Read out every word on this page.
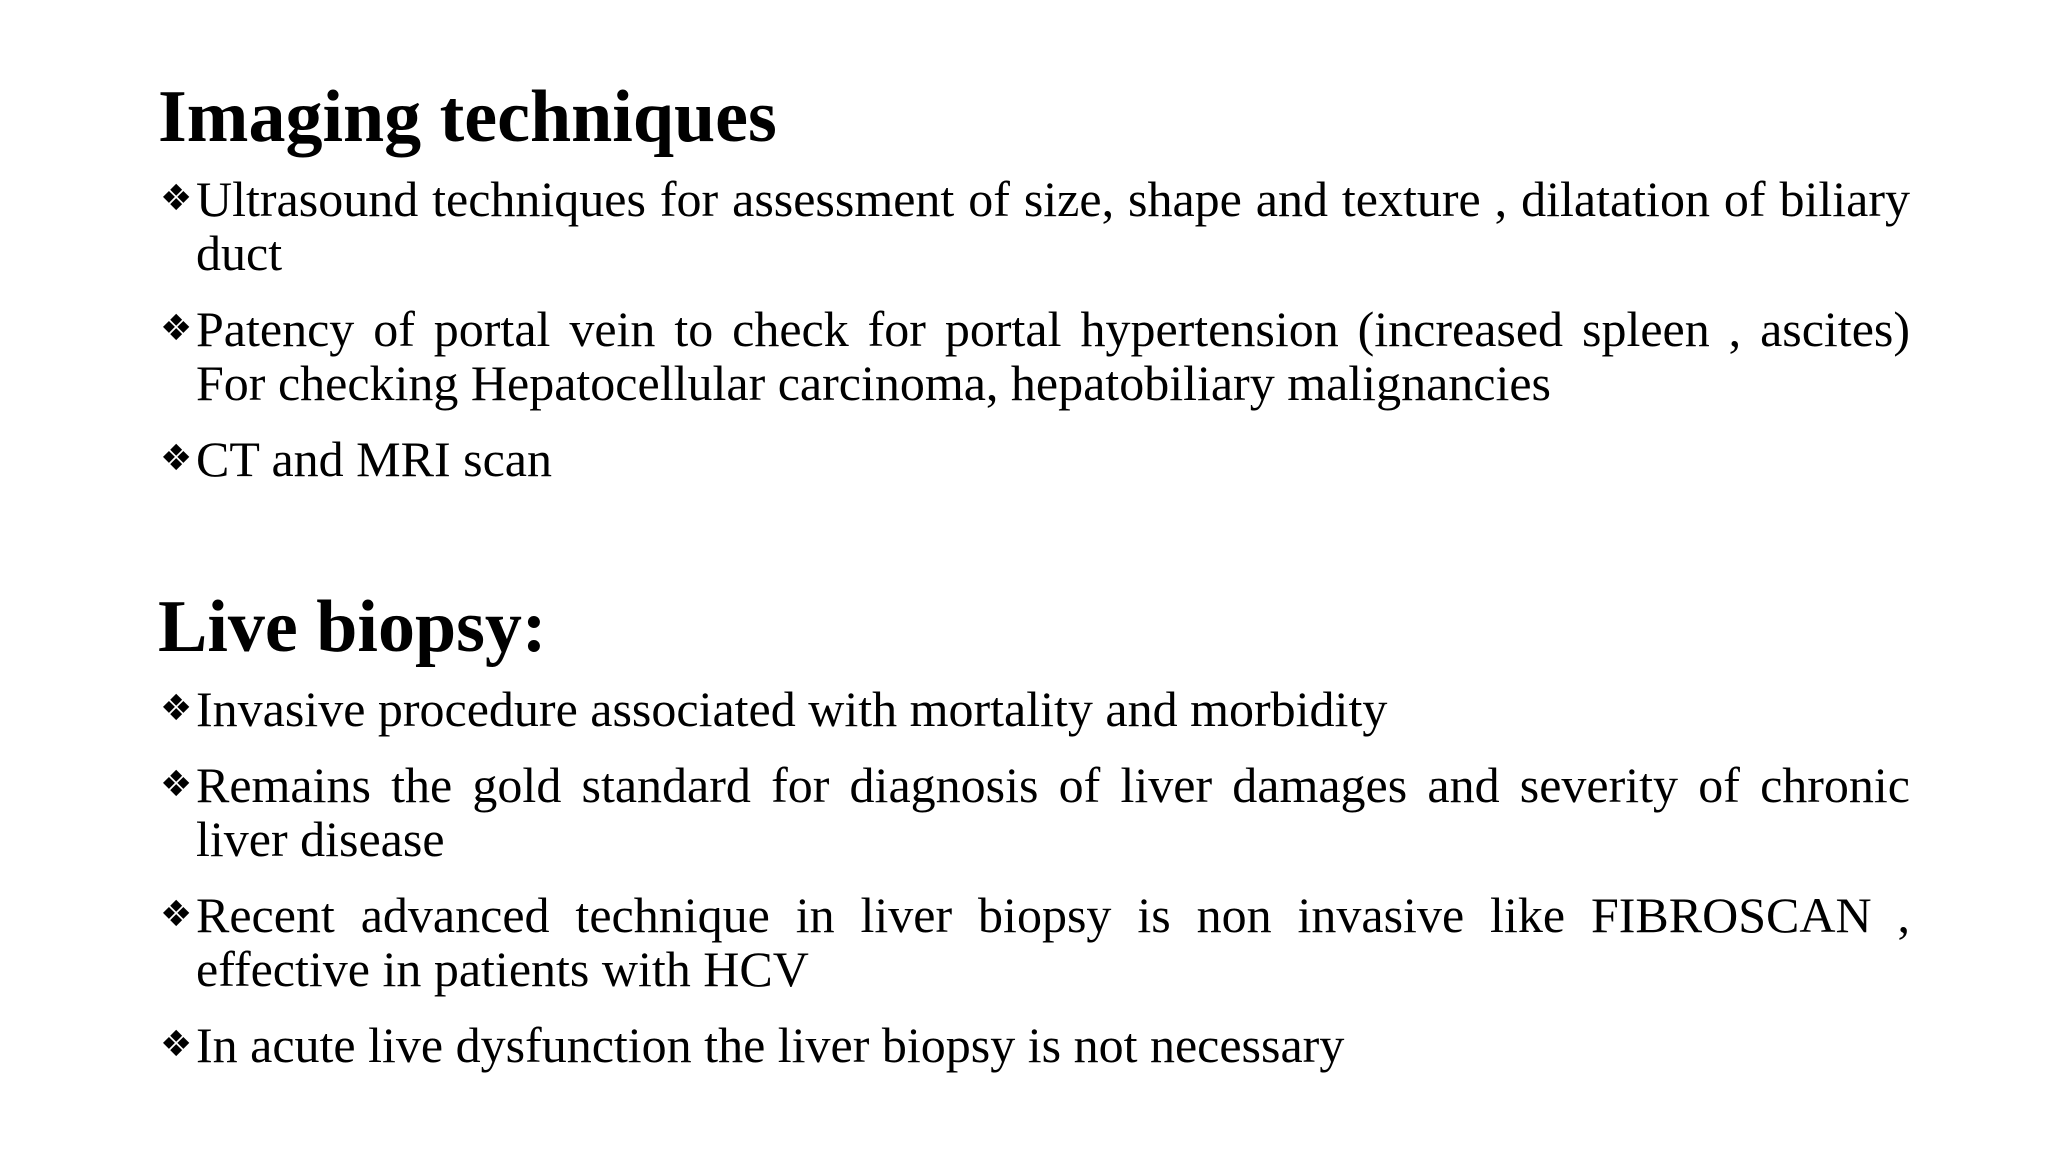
Imaging techniques
❖ Ultrasound techniques for assessment of size, shape and texture , dilatation of biliary duct
❖ Patency of portal vein to check for portal hypertension (increased spleen , ascites) For checking Hepatocellular carcinoma, hepatobiliary malignancies
❖ CT and MRI scan
Live biopsy:
❖ Invasive procedure associated with mortality and morbidity
❖ Remains the gold standard for diagnosis of liver damages and severity of chronic liver disease
❖ Recent advanced technique in liver biopsy is non invasive like FIBROSCAN , effective in patients with HCV
❖ In acute live dysfunction the liver biopsy is not necessary
